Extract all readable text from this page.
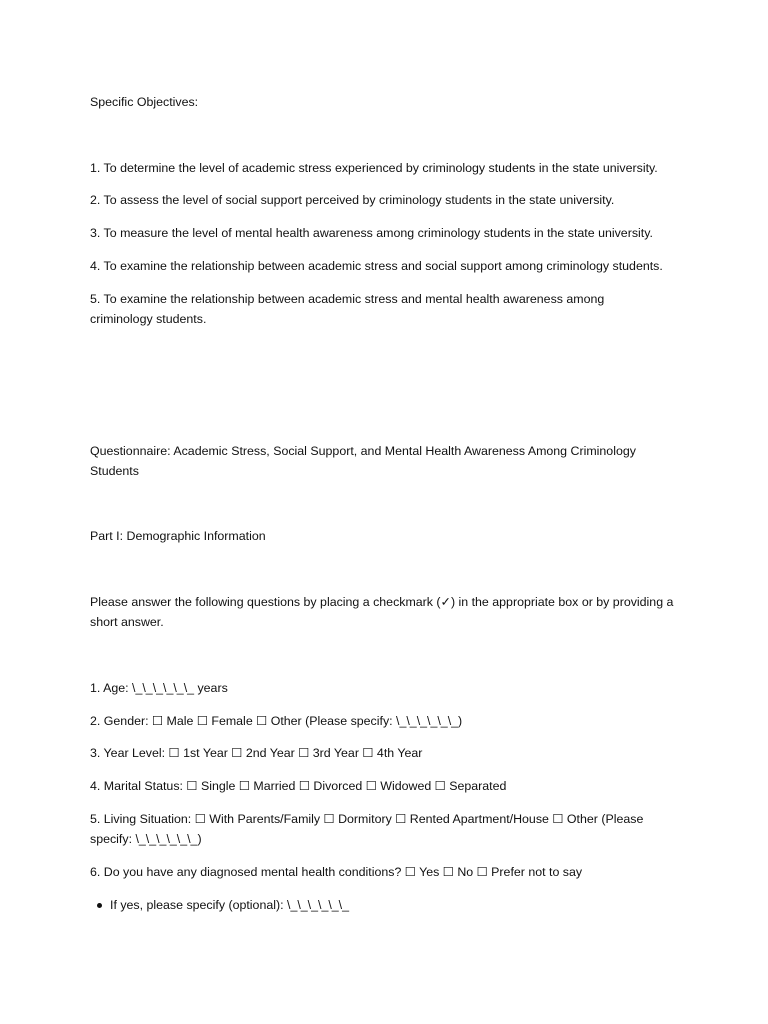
Specific Objectives:

1. To determine the level of academic stress experienced by criminology students in the state university.

2. To assess the level of social support perceived by criminology students in the state university.

3. To measure the level of mental health awareness among criminology students in the state university.

4. To examine the relationship between academic stress and social support among criminology students.

5. To examine the relationship between academic stress and mental health awareness among criminology students.

Questionnaire: Academic Stress, Social Support, and Mental Health Awareness Among Criminology Students

Part I: Demographic Information

Please answer the following questions by placing a checkmark (✓) in the appropriate box or by providing a short answer.

1. Age: \_\_\_\_\_\_ years

2. Gender: ☐ Male ☐ Female ☐ Other (Please specify: \_\_\_\_\_\_)

3. Year Level: ☐ 1st Year ☐ 2nd Year ☐ 3rd Year ☐ 4th Year

4. Marital Status: ☐ Single ☐ Married ☐ Divorced ☐ Widowed ☐ Separated

5. Living Situation: ☐ With Parents/Family ☐ Dormitory ☐ Rented Apartment/House ☐ Other (Please specify: \_\_\_\_\_\_)

6. Do you have any diagnosed mental health conditions? ☐ Yes ☐ No ☐ Prefer not to say

If yes, please specify (optional): \_\_\_\_\_\_
